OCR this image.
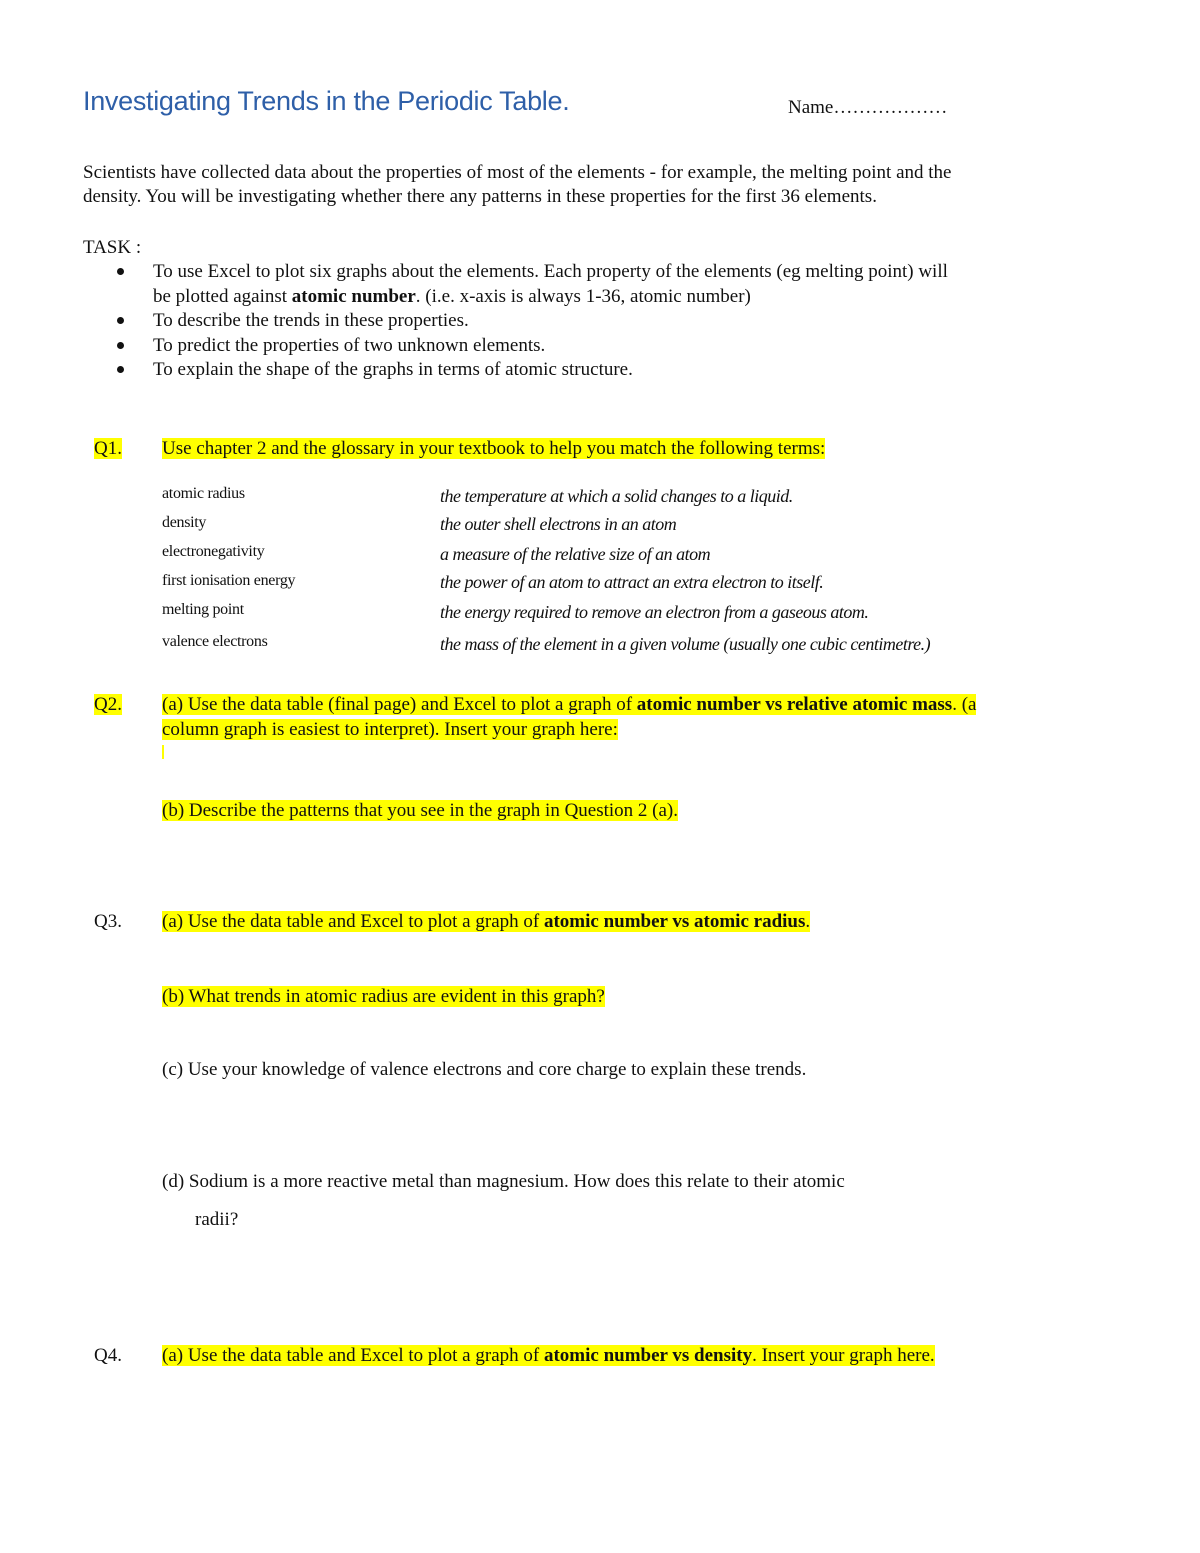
Investigating Trends in the Periodic Table.	Name………………
Scientists have collected data about the properties of most of the elements - for example, the melting point and the
density. You will be investigating whether there any patterns in these properties for the first 36 elements.
TASK :
To use Excel to plot six graphs about the elements. Each property of the elements (eg melting point) will
be plotted against atomic number. (i.e. x-axis is always 1-36, atomic number)
To describe the trends in these properties.
To predict the properties of two unknown elements.
To explain the shape of the graphs in terms of atomic structure.
Q1. Use chapter 2 and the glossary in your textbook to help you match the following terms:
atomic radius
density
electronegativity
first ionisation energy
melting point
valence electrons
the temperature at which a solid changes to a liquid.
the outer shell electrons in an atom
a measure of the relative size of an atom
the power of an atom to attract an extra electron to itself.
the energy required to remove an electron from a gaseous atom.
the mass of the element in a given volume (usually one cubic centimetre.)
Q2. (a) Use the data table (final page) and Excel to plot a graph of atomic number vs relative atomic mass. (a
column graph is easiest to interpret). Insert your graph here:
(b) Describe the patterns that you see in the graph in Question 2 (a).
Q3. (a) Use the data table and Excel to plot a graph of atomic number vs atomic radius.
(b) What trends in atomic radius are evident in this graph?
(c) Use your knowledge of valence electrons and core charge to explain these trends.
(d) Sodium is a more reactive metal than magnesium. How does this relate to their atomic
radii?
Q4. (a) Use the data table and Excel to plot a graph of atomic number vs density. Insert your graph here.
